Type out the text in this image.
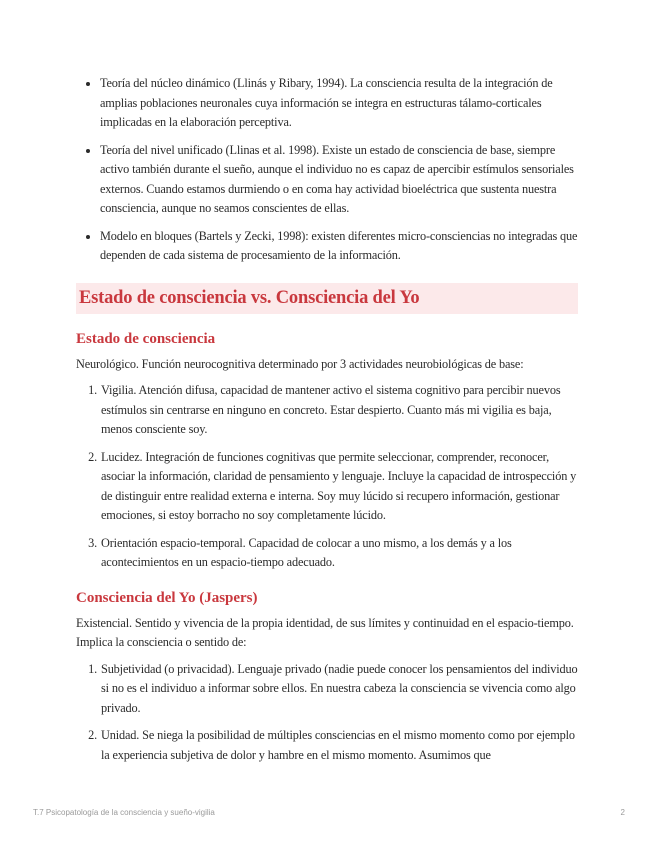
• Teoría del núcleo dinámico (Llinás y Ribary, 1994). La consciencia resulta de la integración de amplias poblaciones neuronales cuya información se integra en estructuras tálamo-corticales implicadas en la elaboración perceptiva.
• Teoría del nivel unificado (Llinas et al. 1998). Existe un estado de consciencia de base, siempre activo también durante el sueño, aunque el individuo no es capaz de apercibir estímulos sensoriales externos. Cuando estamos durmiendo o en coma hay actividad bioeléctrica que sustenta nuestra consciencia, aunque no seamos conscientes de ellas.
• Modelo en bloques (Bartels y Zecki, 1998): existen diferentes micro-consciencias no integradas que dependen de cada sistema de procesamiento de la información.
Estado de consciencia vs. Consciencia del Yo
Estado de consciencia

Neurológico. Función neurocognitiva determinado por 3 actividades neurobiológicas de base:

1. Vigilia. Atención difusa, capacidad de mantener activo el sistema cognitivo para percibir nuevos estímulos sin centrarse en ninguno en concreto. Estar despierto. Cuanto más mi vigilia es baja, menos consciente soy.
2. Lucidez. Integración de funciones cognitivas que permite seleccionar, comprender, reconocer, asociar la información, claridad de pensamiento y lenguaje. Incluye la capacidad de introspección y de distinguir entre realidad externa e interna. Soy muy lúcido si recupero información, gestionar emociones, si estoy borracho no soy completamente lúcido.
3. Orientación espacio-temporal. Capacidad de colocar a uno mismo, a los demás y a los acontecimientos en un espacio-tiempo adecuado.
Consciencia del Yo (Jaspers)

Existencial. Sentido y vivencia de la propia identidad, de sus límites y continuidad en el espacio-tiempo. Implica la consciencia o sentido de:

1. Subjetividad (o privacidad). Lenguaje privado (nadie puede conocer los pensamientos del individuo si no es el individuo a informar sobre ellos. En nuestra cabeza la consciencia se vivencia como algo privado.
2. Unidad. Se niega la posibilidad de múltiples consciencias en el mismo momento como por ejemplo la experiencia subjetiva de dolor y hambre en el mismo momento. Asumimos que
T.7 Psicopatología de la consciencia y sueño-vigilia	2
